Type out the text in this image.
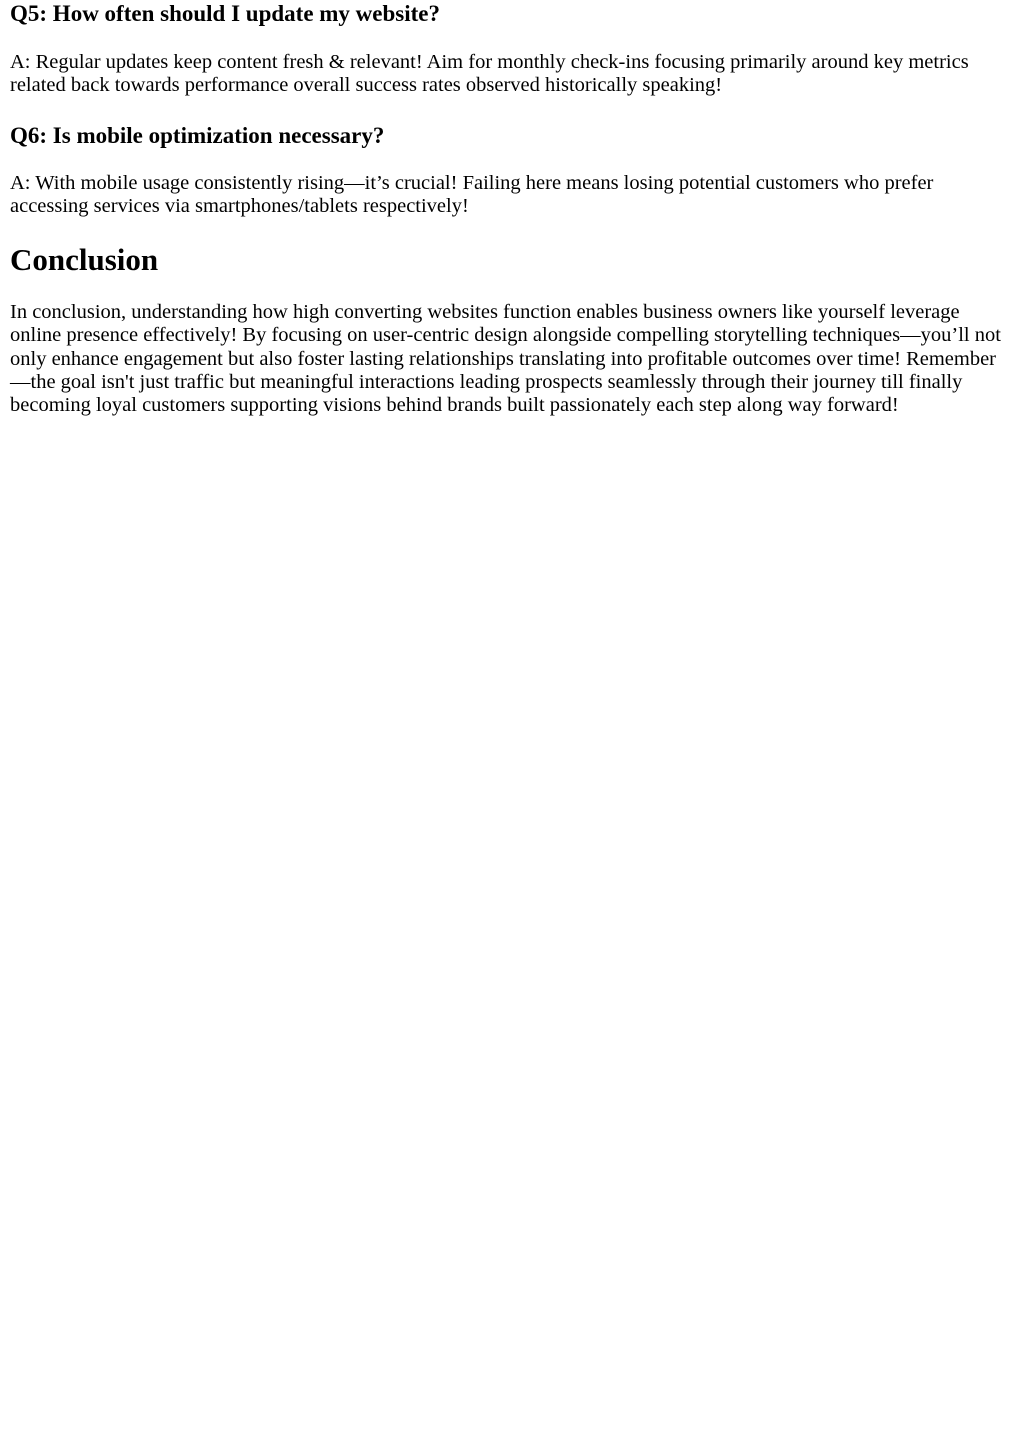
Q5: How often should I update my website?

A: Regular updates keep content fresh & relevant! Aim for monthly check-ins focusing primarily around key metrics related back towards performance overall success rates observed historically speaking!

Q6: Is mobile optimization necessary?

A: With mobile usage consistently rising—it’s crucial! Failing here means losing potential customers who prefer accessing services via smartphones/tablets respectively!

Conclusion

In conclusion, understanding how high converting websites function enables business owners like yourself leverage online presence effectively! By focusing on user-centric design alongside compelling storytelling techniques—you’ll not only enhance engagement but also foster lasting relationships translating into profitable outcomes over time! Remember—the goal isn't just traffic but meaningful interactions leading prospects seamlessly through their journey till finally becoming loyal customers supporting visions behind brands built passionately each step along way forward!
